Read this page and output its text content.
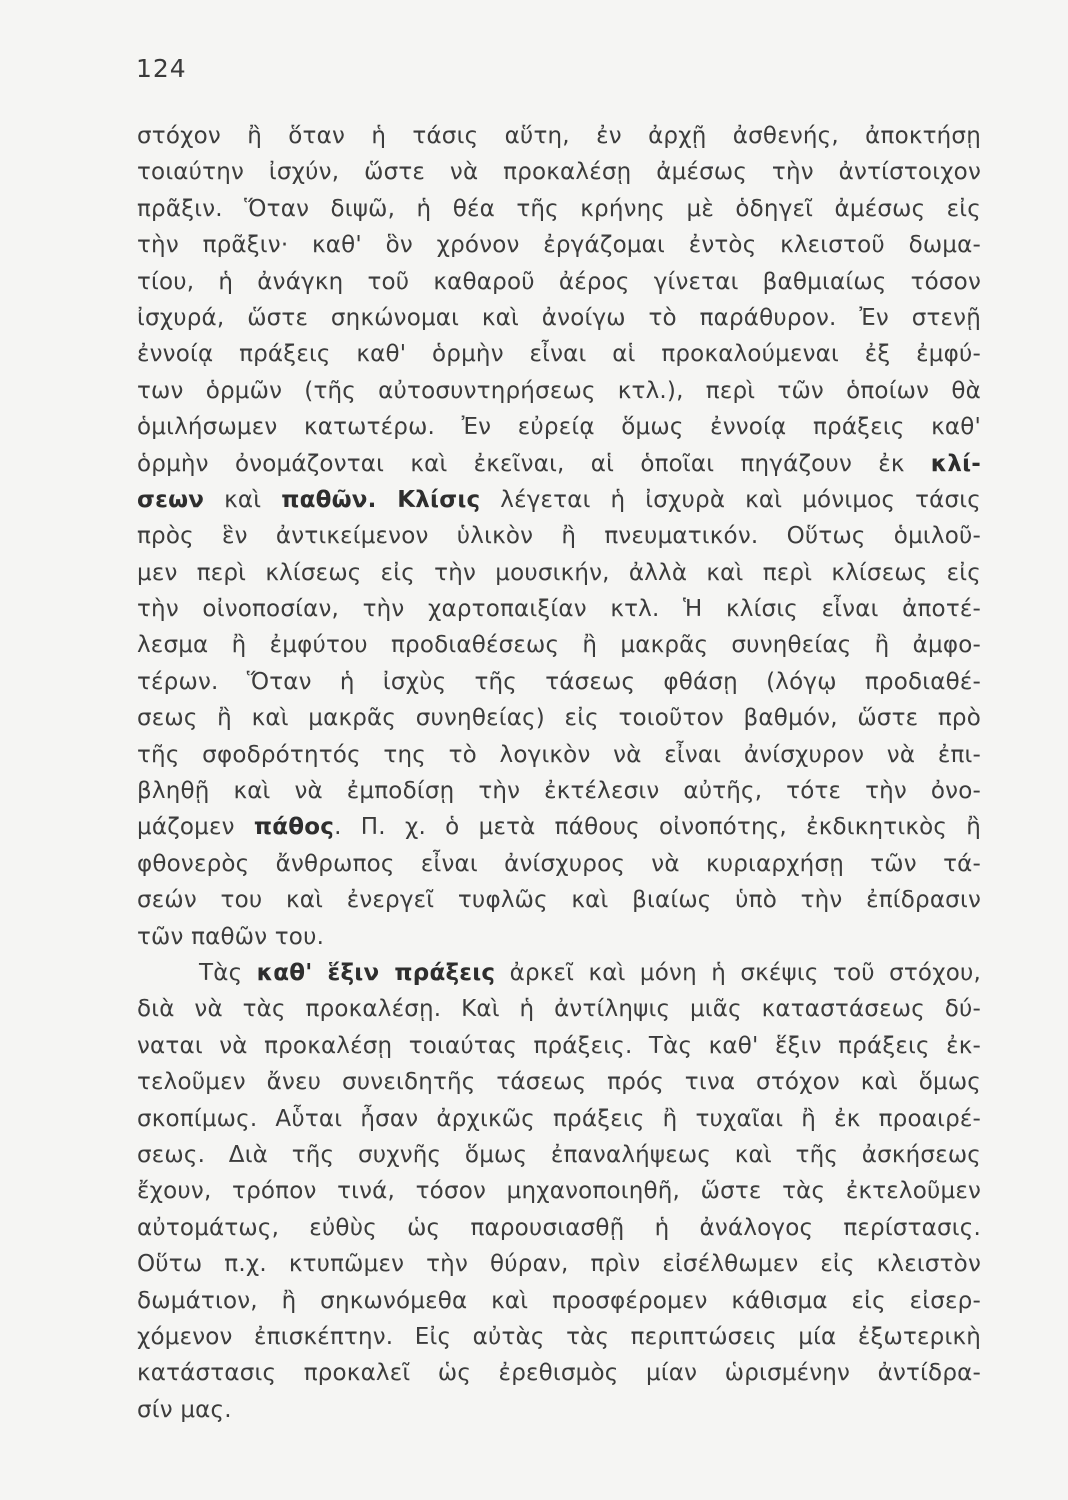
124
στόχον ἢ ὅταν ἡ τάσις αὕτη, ἐν ἀρχῇ ἀσθενής, ἀποκτήσῃ
τοιαύτην ἰσχύν, ὥστε νὰ προκαλέσῃ ἀμέσως τὴν ἀντίστοιχον
πρᾶξιν. Ὅταν διψῶ, ἡ θέα τῆς κρήνης μὲ ὁδηγεῖ ἀμέσως εἰς
τὴν πρᾶξιν· καθ' ὃν χρόνον ἐργάζομαι ἐντὸς κλειστοῦ δωμα-
τίου, ἡ ἀνάγκη τοῦ καθαροῦ ἀέρος γίνεται βαθμιαίως τόσον
ἰσχυρά, ὥστε σηκώνομαι καὶ ἀνοίγω τὸ παράθυρον. Ἐν στενῇ
ἐννοίᾳ πράξεις καθ' ὁρμὴν εἶναι αἱ προκαλούμεναι ἐξ ἐμφύ-
των ὁρμῶν (τῆς αὐτοσυντηρήσεως κτλ.), περὶ τῶν ὁποίων θὰ
ὁμιλήσωμεν κατωτέρω. Ἐν εὐρείᾳ ὅμως ἐννοίᾳ πράξεις καθ'
ὁρμὴν ὀνομάζονται καὶ ἐκεῖναι, αἱ ὁποῖαι πηγάζουν ἐκ κλί-
σεων καὶ παθῶν. Κλίσις λέγεται ἡ ἰσχυρὰ καὶ μόνιμος τάσις
πρὸς ἓν ἀντικείμενον ὑλικὸν ἢ πνευματικόν. Οὕτως ὁμιλοῦ-
μεν περὶ κλίσεως εἰς τὴν μουσικήν, ἀλλὰ καὶ περὶ κλίσεως εἰς
τὴν οἰνοποσίαν, τὴν χαρτοπαιξίαν κτλ. Ἡ κλίσις εἶναι ἀποτέ-
λεσμα ἢ ἐμφύτου προδιαθέσεως ἢ μακρᾶς συνηθείας ἢ ἀμφο-
τέρων. Ὅταν ἡ ἰσχὺς τῆς τάσεως φθάσῃ (λόγῳ προδιαθέ-
σεως ἢ καὶ μακρᾶς συνηθείας) εἰς τοιοῦτον βαθμόν, ὥστε πρὸ
τῆς σφοδρότητός της τὸ λογικὸν νὰ εἶναι ἀνίσχυρον νὰ ἐπι-
βληθῇ καὶ νὰ ἐμποδίσῃ τὴν ἐκτέλεσιν αὐτῆς, τότε τὴν ὀνο-
μάζομεν πάθος. Π. χ. ὁ μετὰ πάθους οἰνοπότης, ἐκδικητικὸς ἢ
φθονερὸς ἄνθρωπος εἶναι ἀνίσχυρος νὰ κυριαρχήσῃ τῶν τά-
σεών του καὶ ἐνεργεῖ τυφλῶς καὶ βιαίως ὑπὸ τὴν ἐπίδρασιν
τῶν παθῶν του.
Τὰς καθ' ἕξιν πράξεις ἀρκεῖ καὶ μόνη ἡ σκέψις τοῦ στόχου,
διὰ νὰ τὰς προκαλέσῃ. Καὶ ἡ ἀντίληψις μιᾶς καταστάσεως δύ-
ναται νὰ προκαλέσῃ τοιαύτας πράξεις. Τὰς καθ' ἕξιν πράξεις ἐκ-
τελοῦμεν ἄνευ συνειδητῆς τάσεως πρός τινα στόχον καὶ ὅμως
σκοπίμως. Αὗται ἦσαν ἀρχικῶς πράξεις ἢ τυχαῖαι ἢ ἐκ προαιρέ-
σεως. Διὰ τῆς συχνῆς ὅμως ἐπαναλήψεως καὶ τῆς ἀσκήσεως
ἔχουν, τρόπον τινά, τόσον μηχανοποιηθῆ, ὥστε τὰς ἐκτελοῦμεν
αὐτομάτως, εὐθὺς ὡς παρουσιασθῇ ἡ ἀνάλογος περίστασις.
Οὕτω π.χ. κτυπῶμεν τὴν θύραν, πρὶν εἰσέλθωμεν εἰς κλειστὸν
δωμάτιον, ἢ σηκωνόμεθα καὶ προσφέρομεν κάθισμα εἰς εἰσερ-
χόμενον ἐπισκέπτην. Εἰς αὐτὰς τὰς περιπτώσεις μία ἐξωτερικὴ
κατάστασις προκαλεῖ ὡς ἐρεθισμὸς μίαν ὡρισμένην ἀντίδρα-
σίν μας.
